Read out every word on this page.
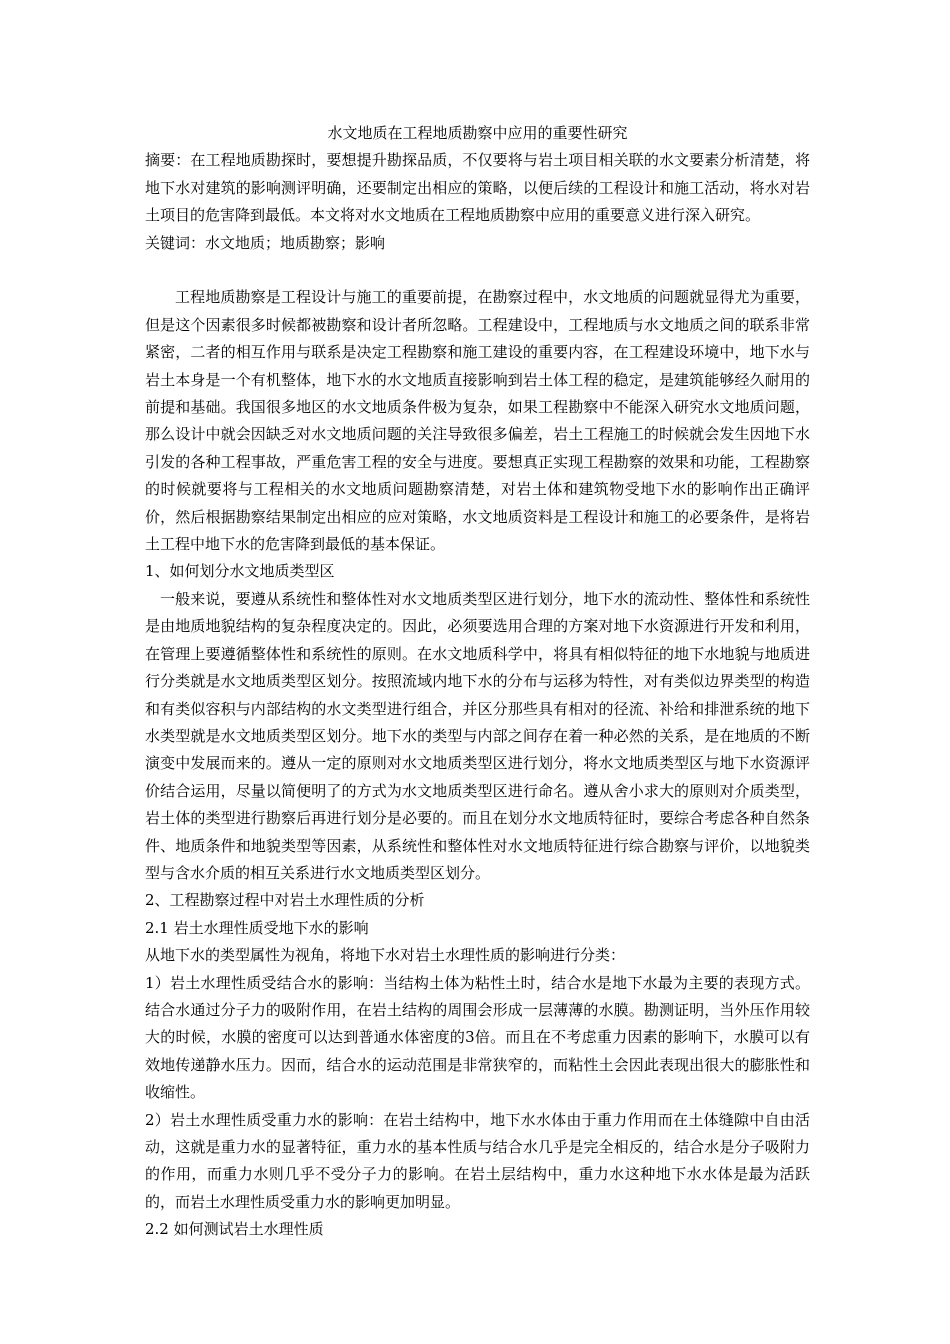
水文地质在工程地质勘察中应用的重要性研究

摘要：在工程地质勘探时，要想提升勘探品质，不仅要将与岩土项目相关联的水文要素分析清楚，将地下水对建筑的影响测评明确，还要制定出相应的策略，以便后续的工程设计和施工活动，将水对岩土项目的危害降到最低。本文将对水文地质在工程地质勘察中应用的重要意义进行深入研究。

关键词：水文地质；地质勘察；影响

工程地质勘察是工程设计与施工的重要前提，在勘察过程中，水文地质的问题就显得尤为重要，但是这个因素很多时候都被勘察和设计者所忽略。工程建设中，工程地质与水文地质之间的联系非常紧密，二者的相互作用与联系是决定工程勘察和施工建设的重要内容，在工程建设环境中，地下水与岩土本身是一个有机整体，地下水的水文地质直接影响到岩土体工程的稳定，是建筑能够经久耐用的前提和基础。我国很多地区的水文地质条件极为复杂，如果工程勘察中不能深入研究水文地质问题，那么设计中就会因缺乏对水文地质问题的关注导致很多偏差，岩土工程施工的时候就会发生因地下水引发的各种工程事故，严重危害工程的安全与进度。要想真正实现工程勘察的效果和功能，工程勘察的时候就要将与工程相关的水文地质问题勘察清楚，对岩土体和建筑物受地下水的影响作出正确评价，然后根据勘察结果制定出相应的应对策略，水文地质资料是工程设计和施工的必要条件，是将岩土工程中地下水的危害降到最低的基本保证。

1、如何划分水文地质类型区

一般来说，要遵从系统性和整体性对水文地质类型区进行划分，地下水的流动性、整体性和系统性是由地质地貌结构的复杂程度决定的。因此，必须要选用合理的方案对地下水资源进行开发和利用，在管理上要遵循整体性和系统性的原则。在水文地质科学中，将具有相似特征的地下水地貌与地质进行分类就是水文地质类型区划分。按照流域内地下水的分布与运移为特性，对有类似边界类型的构造和有类似容积与内部结构的水文类型进行组合，并区分那些具有相对的径流、补给和排泄系统的地下水类型就是水文地质类型区划分。地下水的类型与内部之间存在着一种必然的关系，是在地质的不断演变中发展而来的。遵从一定的原则对水文地质类型区进行划分，将水文地质类型区与地下水资源评价结合运用，尽量以简便明了的方式为水文地质类型区进行命名。遵从舍小求大的原则对介质类型，岩土体的类型进行勘察后再进行划分是必要的。而且在划分水文地质特征时，要综合考虑各种自然条件、地质条件和地貌类型等因素，从系统性和整体性对水文地质特征进行综合勘察与评价，以地貌类型与含水介质的相互关系进行水文地质类型区划分。

2、工程勘察过程中对岩土水理性质的分析

2.1 岩土水理性质受地下水的影响

从地下水的类型属性为视角，将地下水对岩土水理性质的影响进行分类：

1）岩土水理性质受结合水的影响：当结构土体为粘性土时，结合水是地下水最为主要的表现方式。结合水通过分子力的吸附作用，在岩土结构的周围会形成一层薄薄的水膜。勘测证明，当外压作用较大的时候，水膜的密度可以达到普通水体密度的3倍。而且在不考虑重力因素的影响下，水膜可以有效地传递静水压力。因而，结合水的运动范围是非常狭窄的，而粘性土会因此表现出很大的膨胀性和收缩性。

2）岩土水理性质受重力水的影响：在岩土结构中，地下水水体由于重力作用而在土体缝隙中自由活动，这就是重力水的显著特征，重力水的基本性质与结合水几乎是完全相反的，结合水是分子吸附力的作用，而重力水则几乎不受分子力的影响。在岩土层结构中，重力水这种地下水水体是最为活跃的，而岩土水理性质受重力水的影响更加明显。

2.2 如何测试岩土水理性质
